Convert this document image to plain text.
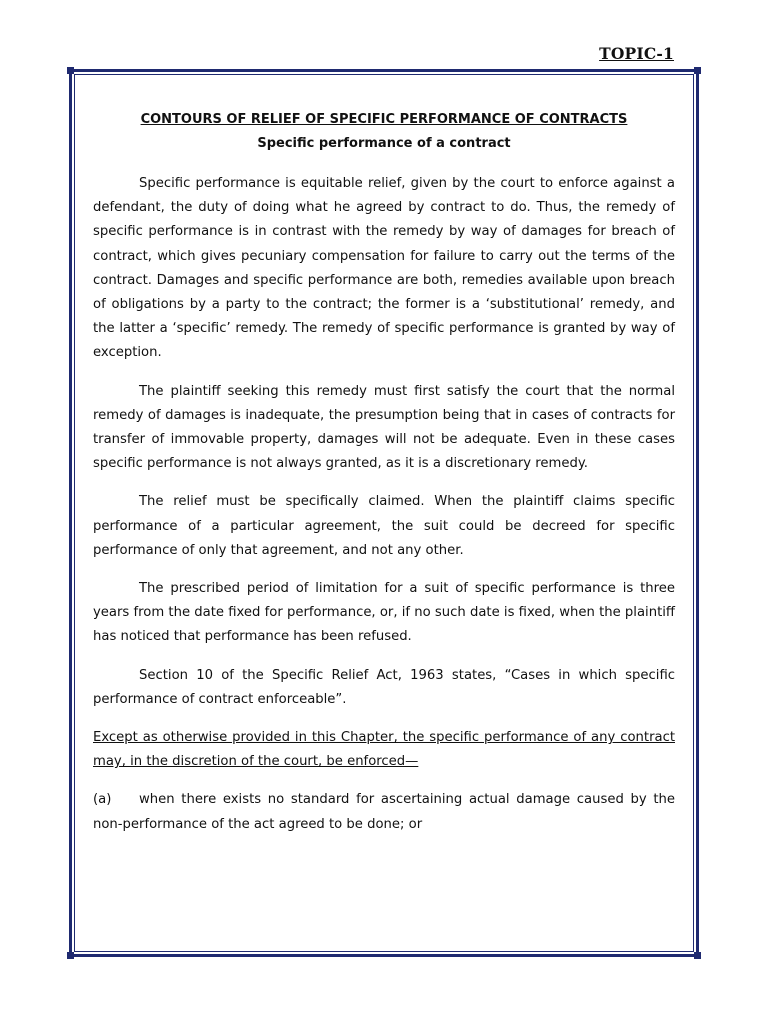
TOPIC-1
CONTOURS OF RELIEF OF SPECIFIC PERFORMANCE OF CONTRACTS
Specific performance of a contract

Specific performance is equitable relief, given by the court to enforce against a defendant, the duty of doing what he agreed by contract to do. Thus, the remedy of specific performance is in contrast with the remedy by way of damages for breach of contract, which gives pecuniary compensation for failure to carry out the terms of the contract. Damages and specific performance are both, remedies available upon breach of obligations by a party to the contract; the former is a ‘substitutional’ remedy, and the latter a ‘specific’ remedy. The remedy of specific performance is granted by way of exception.

The plaintiff seeking this remedy must first satisfy the court that the normal remedy of damages is inadequate, the presumption being that in cases of contracts for transfer of immovable property, damages will not be adequate. Even in these cases specific performance is not always granted, as it is a discretionary remedy.

The relief must be specifically claimed. When the plaintiff claims specific performance of a particular agreement, the suit could be decreed for specific performance of only that agreement, and not any other.

The prescribed period of limitation for a suit of specific performance is three years from the date fixed for performance, or, if no such date is fixed, when the plaintiff has noticed that performance has been refused.

Section 10 of the Specific Relief Act, 1963 states, “Cases in which specific performance of contract enforceable”.

Except as otherwise provided in this Chapter, the specific performance of any contract may, in the discretion of the court, be enforced—

(a) when there exists no standard for ascertaining actual damage caused by the non-performance of the act agreed to be done; or
